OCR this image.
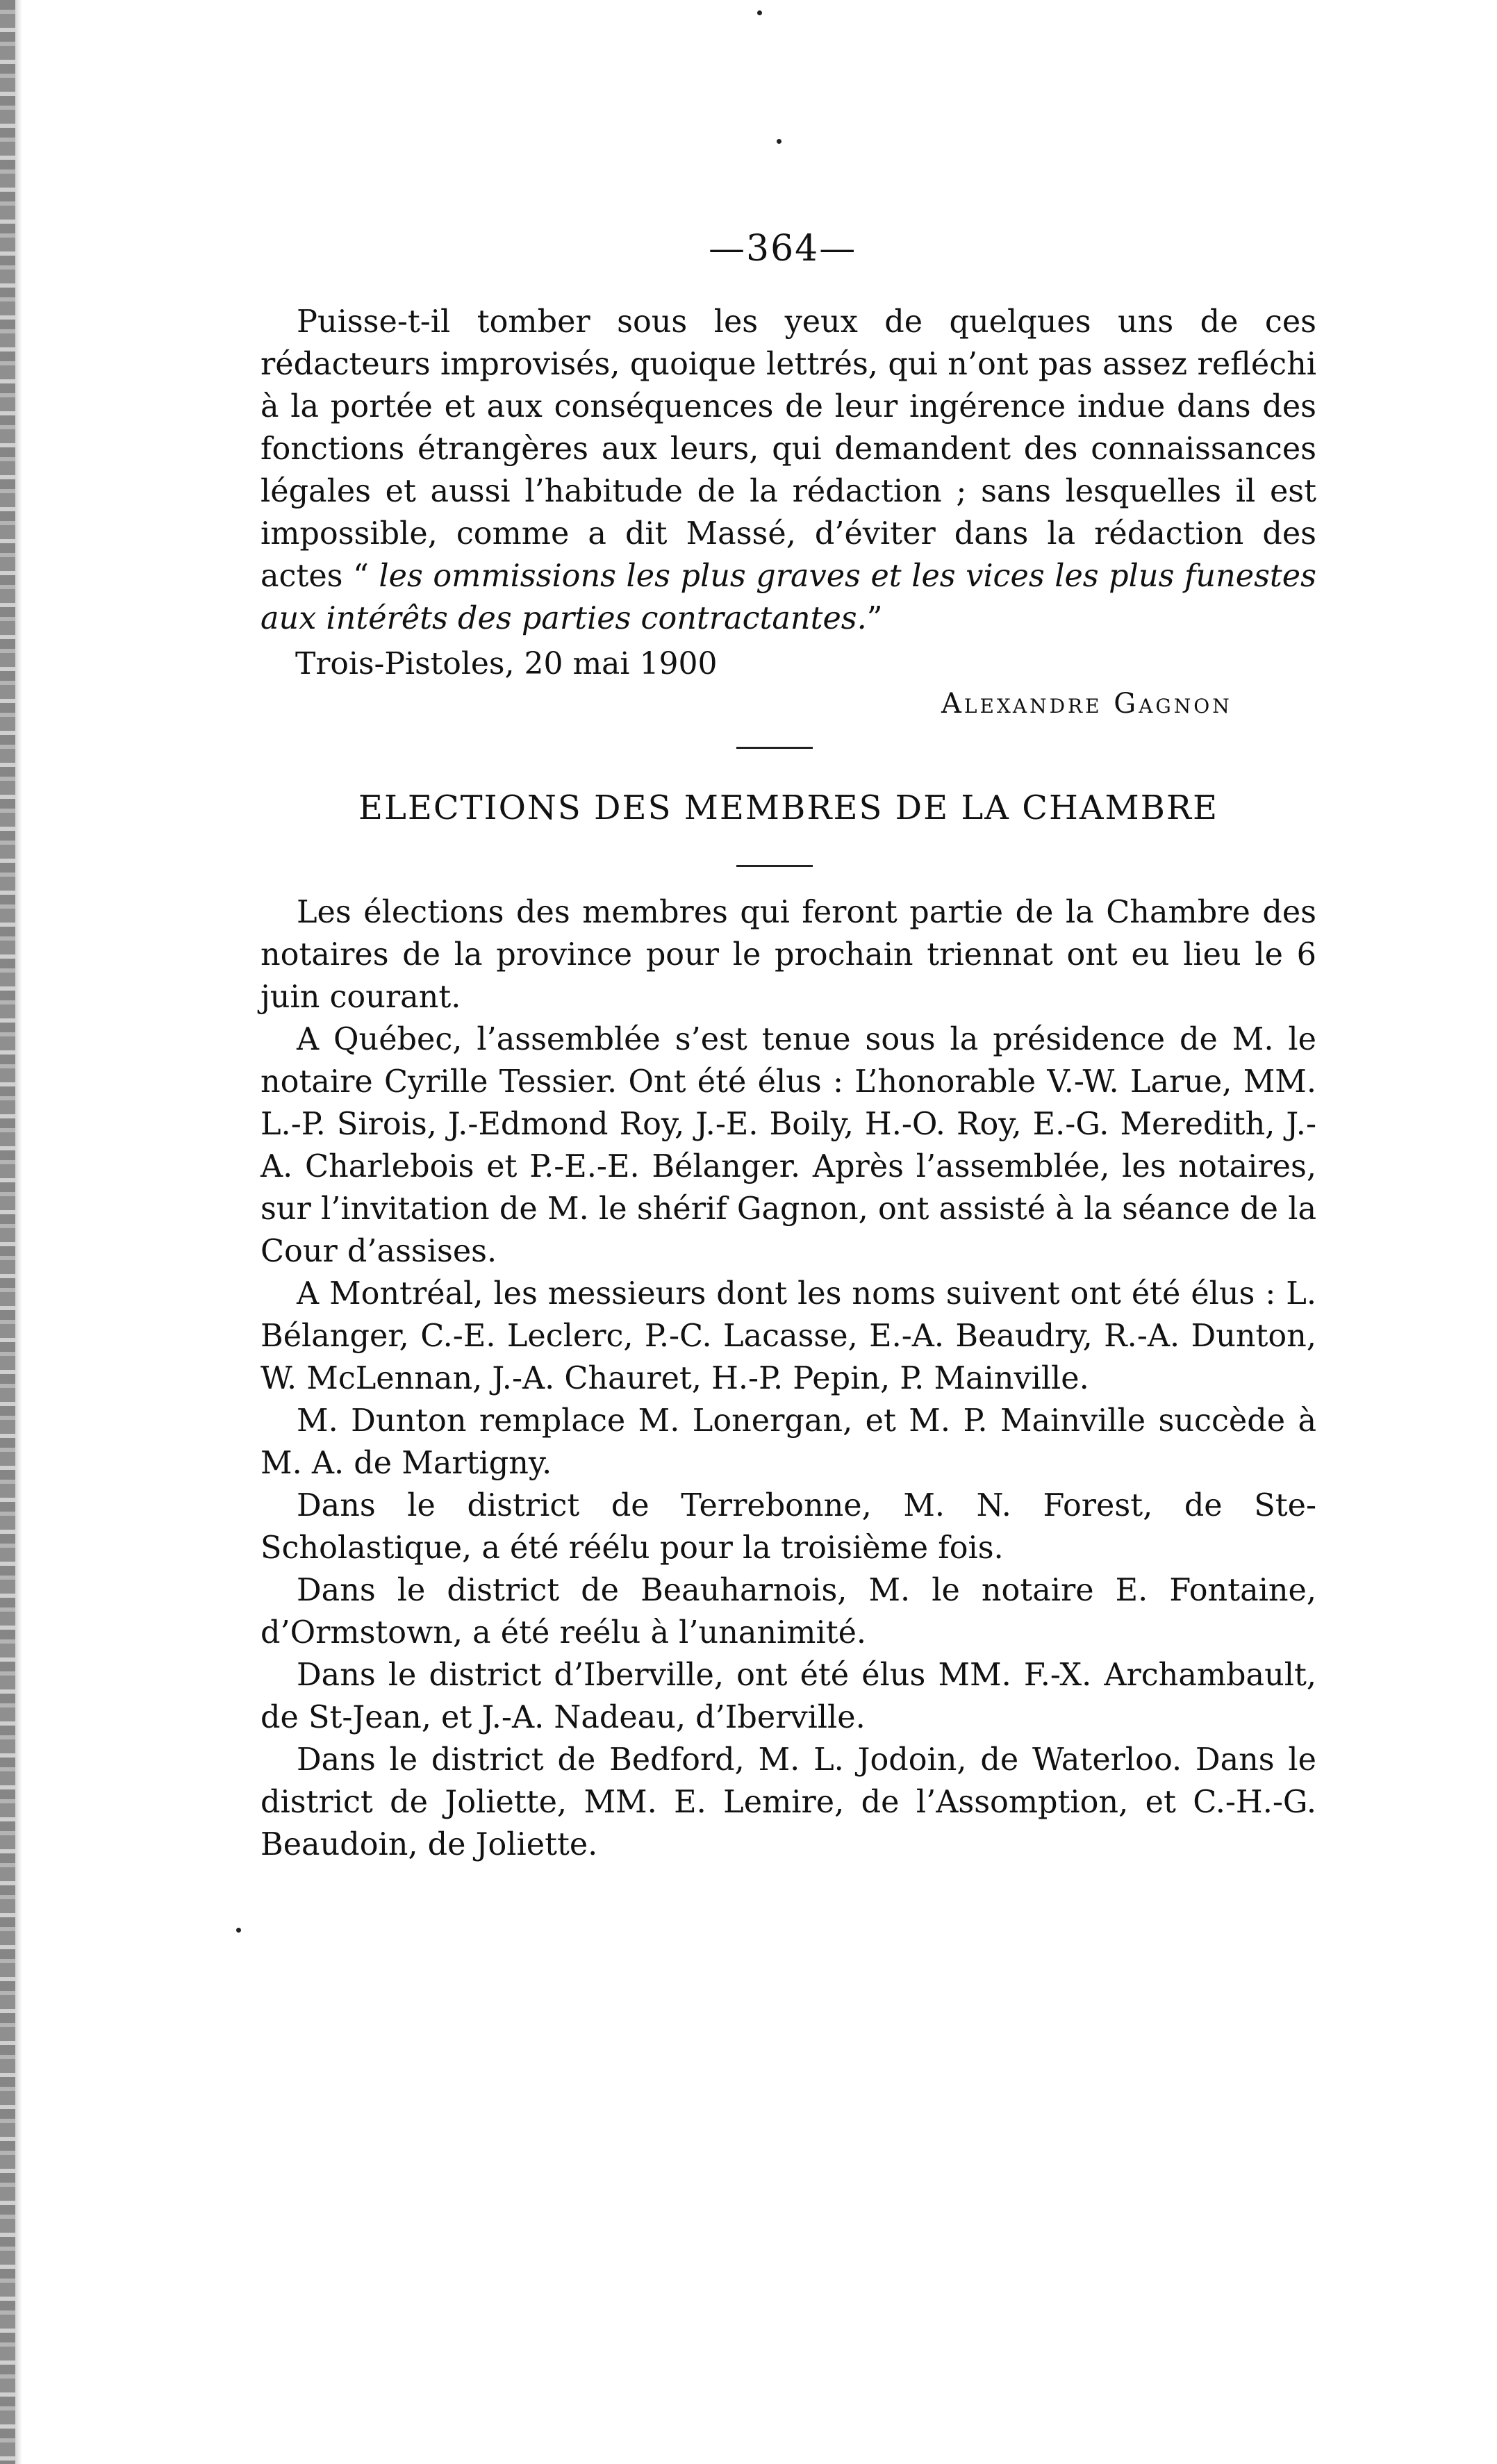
—364—

Puisse-t-il tomber sous les yeux de quelques uns de ces rédacteurs improvisés, quoique lettrés, qui n’ont pas assez refléchi à la portée et aux conséquences de leur ingérence indue dans des fonctions étrangères aux leurs, qui demandent des connaissances légales et aussi l’habitude de la rédaction ; sans lesquelles il est impossible, comme a dit Massé, d’éviter dans la rédaction des actes “ les ommissions les plus graves et les vices les plus funestes aux intérêts des parties contractantes.”

Trois-Pistoles, 20 mai 1900
Alexandre Gagnon
ELECTIONS DES MEMBRES DE LA CHAMBRE

Les élections des membres qui feront partie de la Chambre des notaires de la province pour le prochain triennat ont eu lieu le 6 juin courant.

A Québec, l’assemblée s’est tenue sous la présidence de M. le notaire Cyrille Tessier. Ont été élus : L’honorable V.-W. Larue, MM. L.-P. Sirois, J.-Edmond Roy, J.-E. Boily, H.-O. Roy, E.-G. Meredith, J.-A. Charlebois et P.-E.-E. Bélanger. Après l’assemblée, les notaires, sur l’invitation de M. le shérif Gagnon, ont assisté à la séance de la Cour d’assises.

A Montréal, les messieurs dont les noms suivent ont été élus : L. Bélanger, C.-E. Leclerc, P.-C. Lacasse, E.-A. Beaudry, R.-A. Dunton, W. McLennan, J.-A. Chauret, H.-P. Pepin, P. Mainville.

M. Dunton remplace M. Lonergan, et M. P. Mainville succède à M. A. de Martigny.

Dans le district de Terrebonne, M. N. Forest, de Ste-Scholastique, a été réélu pour la troisième fois.

Dans le district de Beauharnois, M. le notaire E. Fontaine, d’Ormstown, a été reélu à l’unanimité.

Dans le district d’Iberville, ont été élus MM. F.-X. Archambault, de St-Jean, et J.-A. Nadeau, d’Iberville.

Dans le district de Bedford, M. L. Jodoin, de Waterloo. Dans le district de Joliette, MM. E. Lemire, de l’Assomption, et C.-H.-G. Beaudoin, de Joliette.
